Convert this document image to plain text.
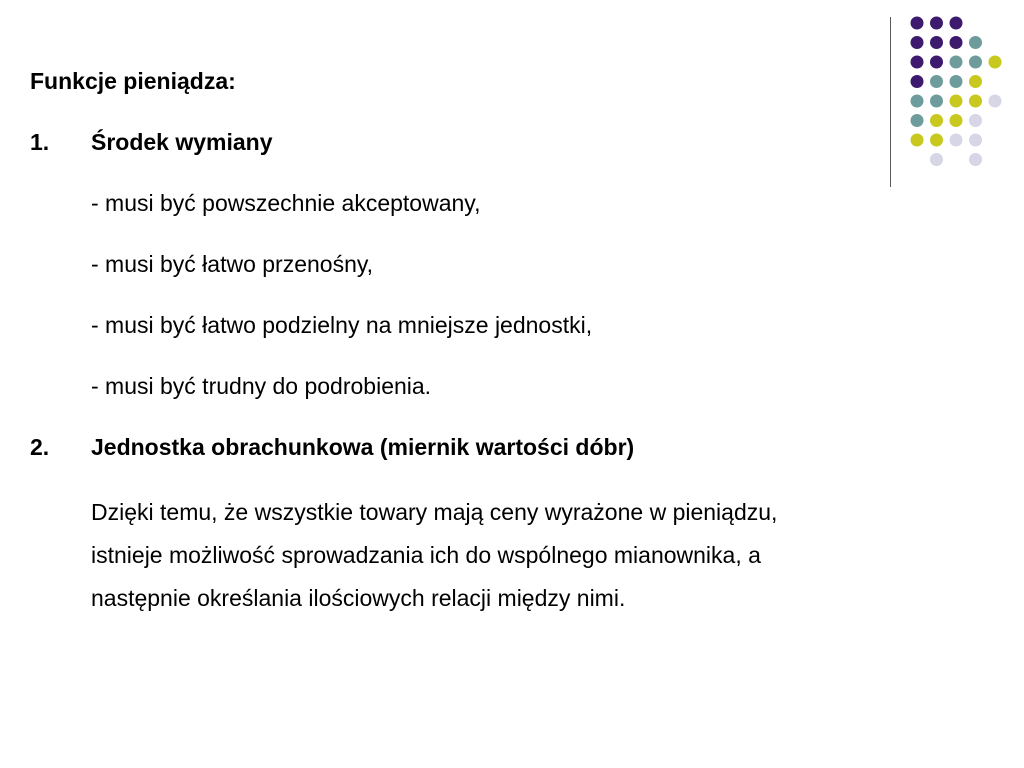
Funkcje pieniądza:
1. Środek wymiany
- musi być powszechnie akceptowany,
- musi być łatwo przenośny,
- musi być łatwo podzielny na mniejsze jednostki,
- musi być trudny do podrobienia.
2. Jednostka obrachunkowa (miernik wartości dóbr)
Dzięki temu, że wszystkie towary mają ceny wyrażone w pieniądzu,
istnieje możliwość sprowadzania ich do wspólnego mianownika, a
następnie określania ilościowych relacji między nimi.
